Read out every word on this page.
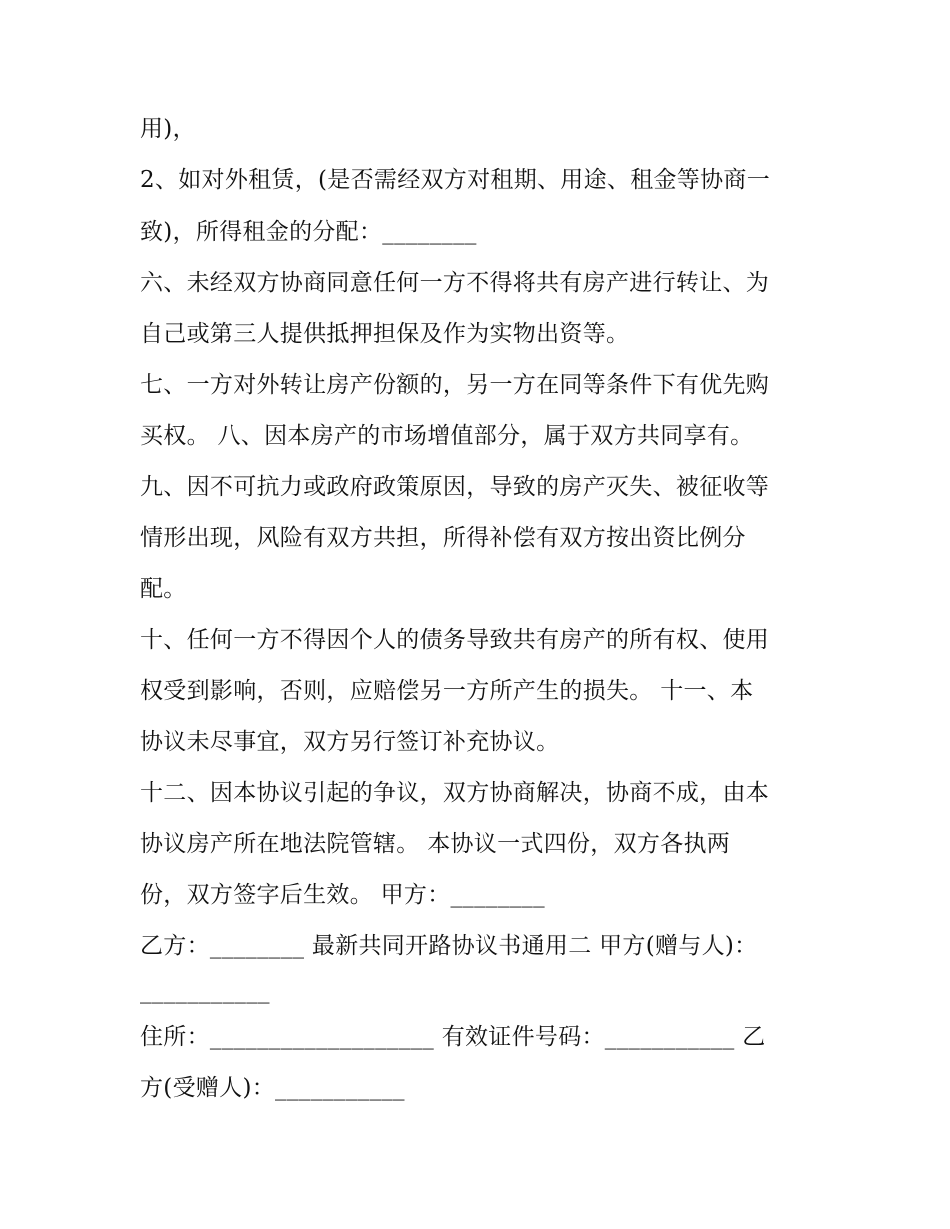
用)，
2、如对外租赁，(是否需经双方对租期、用途、租金等协商一
致)，所得租金的分配：________
六、未经双方协商同意任何一方不得将共有房产进行转让、为
自己或第三人提供抵押担保及作为实物出资等。
七、一方对外转让房产份额的，另一方在同等条件下有优先购
买权。 八、因本房产的市场增值部分，属于双方共同享有。
九、因不可抗力或政府政策原因，导致的房产灭失、被征收等
情形出现，风险有双方共担，所得补偿有双方按出资比例分
配。
十、任何一方不得因个人的债务导致共有房产的所有权、使用
权受到影响，否则，应赔偿另一方所产生的损失。 十一、本
协议未尽事宜，双方另行签订补充协议。
十二、因本协议引起的争议，双方协商解决，协商不成，由本
协议房产所在地法院管辖。 本协议一式四份，双方各执两
份，双方签字后生效。 甲方：________
乙方：________ 最新共同开路协议书通用二 甲方(赠与人)：
___________
住所：___________________ 有效证件号码：___________ 乙
方(受赠人)：___________
